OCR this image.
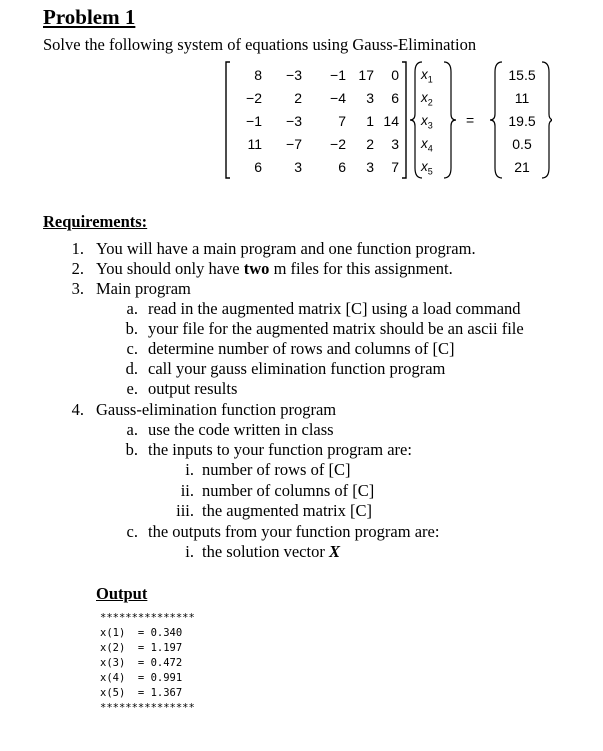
Problem 1
Solve the following system of equations using Gauss-Elimination
8	−3	−1 17	0
−2	2	−4	3	6
−1	−3	7	1 14
11	−7	−2	2	3
6	3	6	3	7
$x_1$
$x_2$
$x_3$
$x_4$
$x_5$
=
15.5
11
19.5
0.5
21
Requirements:
1. You will have a main program and one function program.
2. You should only have two m files for this assignment.
3. Main program
a. read in the augmented matrix [C] using a load command
b. your file for the augmented matrix should be an ascii file
c. determine number of rows and columns of [C]
d. call your gauss elimination function program
e. output results
4. Gauss-elimination function program
a. use the code written in class
b. the inputs to your function program are:
i. number of rows of [C]
ii. number of columns of [C]
iii. the augmented matrix [C]
c. the outputs from your function program are:
i. the solution vector X
Output
***************
x(1)  = 0.340
x(2)  = 1.197
x(3)  = 0.472
x(4)  = 0.991
x(5)  = 1.367
***************
